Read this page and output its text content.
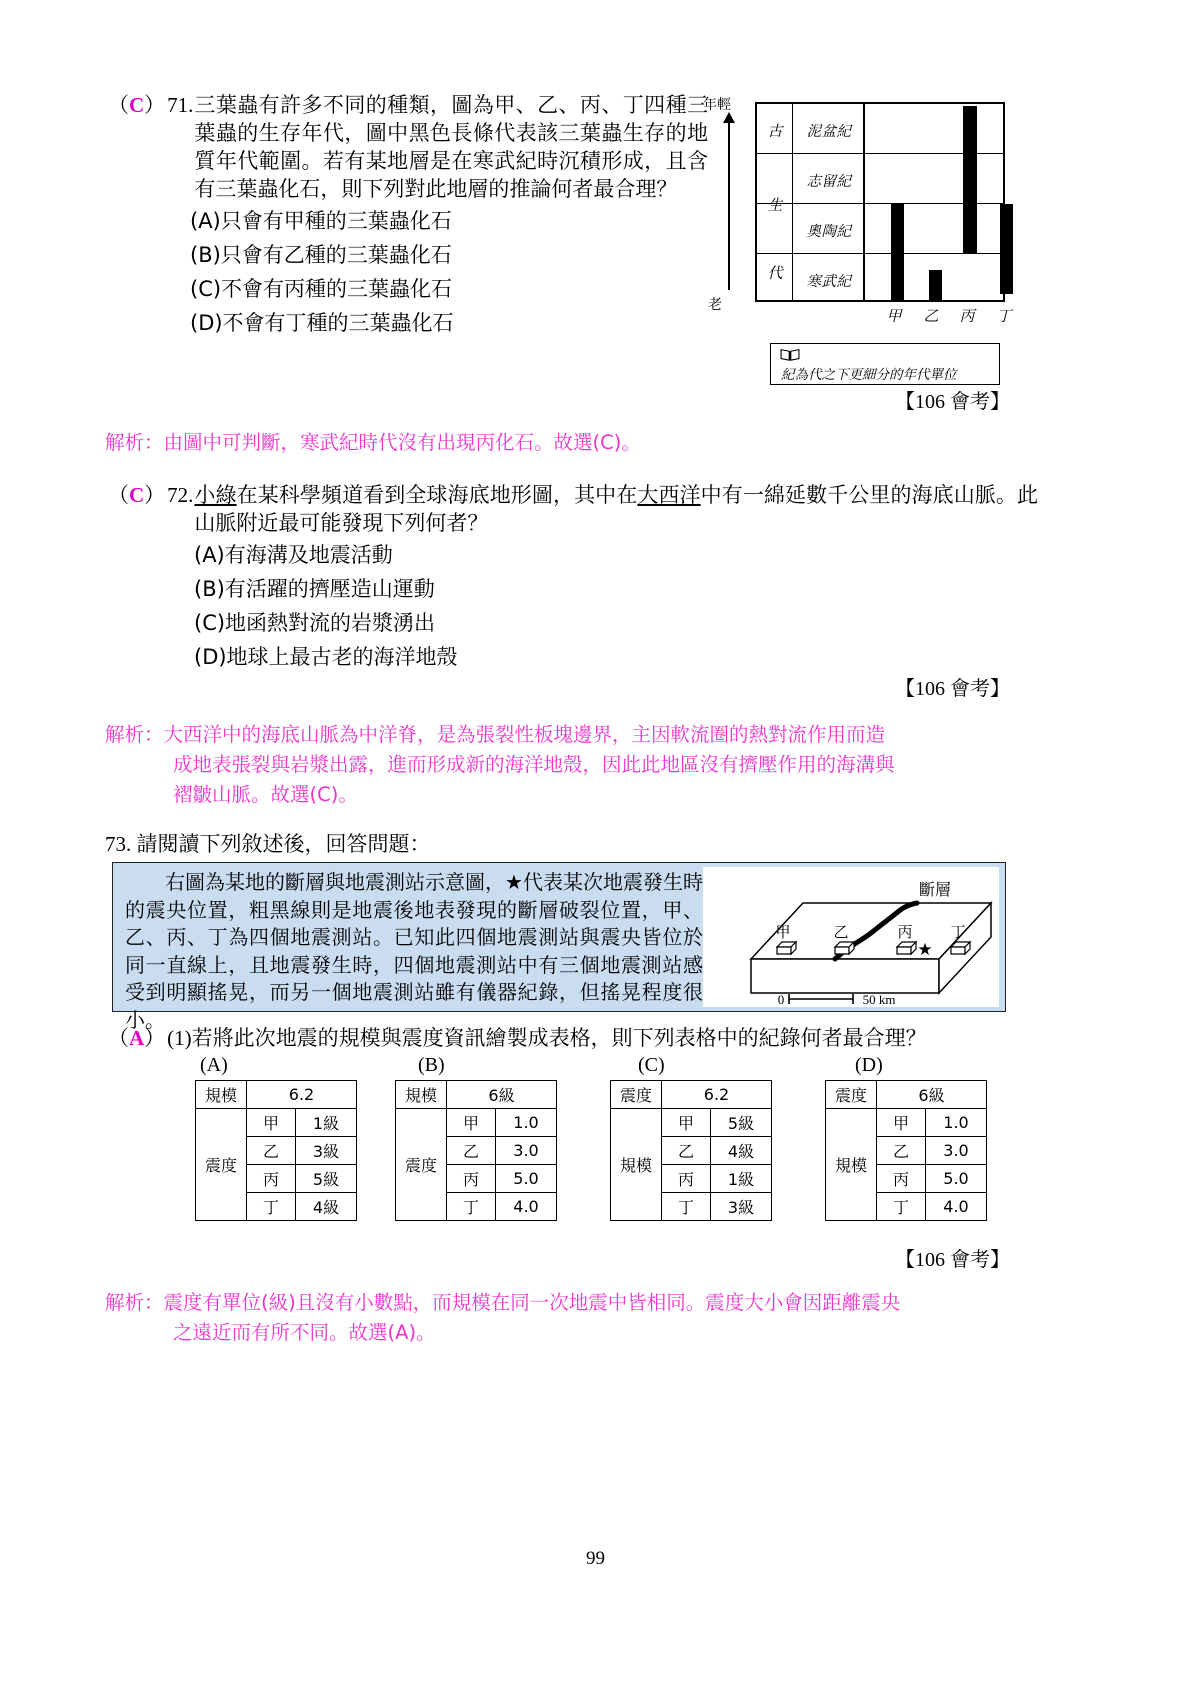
（C） 71. 三葉蟲有許多不同的種類，圖為甲、乙、丙、丁四種三葉蟲的生存年代，圖中黑色長條代表該三葉蟲生存的地質年代範圍。若有某地層是在寒武紀時沉積形成，且含有三葉蟲化石，則下列對此地層的推論何者最合理？
(A)只會有甲種的三葉蟲化石
(B)只會有乙種的三葉蟲化石
(C)不會有丙種的三葉蟲化石
(D)不會有丁種的三葉蟲化石
年輕
老
古
生
代
泥盆紀
志留紀
奧陶紀
寒武紀
甲 乙 丙 丁
紀為代之下更細分的年代單位
【106 會考】
解析：由圖中可判斷，寒武紀時代沒有出現丙化石。故選(C)。
（C） 72. 小綠在某科學頻道看到全球海底地形圖，其中在大西洋中有一綿延數千公里的海底山脈。此山脈附近最可能發現下列何者？
(A)有海溝及地震活動
(B)有活躍的擠壓造山運動
(C)地函熱對流的岩漿湧出
(D)地球上最古老的海洋地殼
【106 會考】
解析：大西洋中的海底山脈為中洋脊，是為張裂性板塊邊界，主因軟流圈的熱對流作用而造
成地表張裂與岩漿出露，進而形成新的海洋地殼，因此此地區沒有擠壓作用的海溝與
褶皺山脈。故選(C)。
73. 請閱讀下列敘述後，回答問題：
　　右圖為某地的斷層與地震測站示意圖，★代表某次地震發生時的震央位置，粗黑線則是地震後地表發現的斷層破裂位置，甲、乙、丙、丁為四個地震測站。已知此四個地震測站與震央皆位於同一直線上，且地震發生時，四個地震測站中有三個地震測站感受到明顯搖晃，而另一個地震測站雖有儀器紀錄，但搖晃程度很小。
★
甲	乙	丙	丁
斷層
0	50 km
（A）(1)若將此次地震的規模與震度資訊繪製成表格，則下列表格中的紀錄何者最合理？
(A)
規模	6.2	
震度	甲	1級
	乙	3級
	丙	5級
	丁	4級
(B)
規模	6級	
震度	甲	1.0
	乙	3.0
	丙	5.0
	丁	4.0
(C)
震度	6.2	
規模	甲	5級
	乙	4級
	丙	1級
	丁	3級
(D)
震度	6級	
規模	甲	1.0
	乙	3.0
	丙	5.0
	丁	4.0
【106 會考】
解析：震度有單位(級)且沒有小數點，而規模在同一次地震中皆相同。震度大小會因距離震央
之遠近而有所不同。故選(A)。
99
